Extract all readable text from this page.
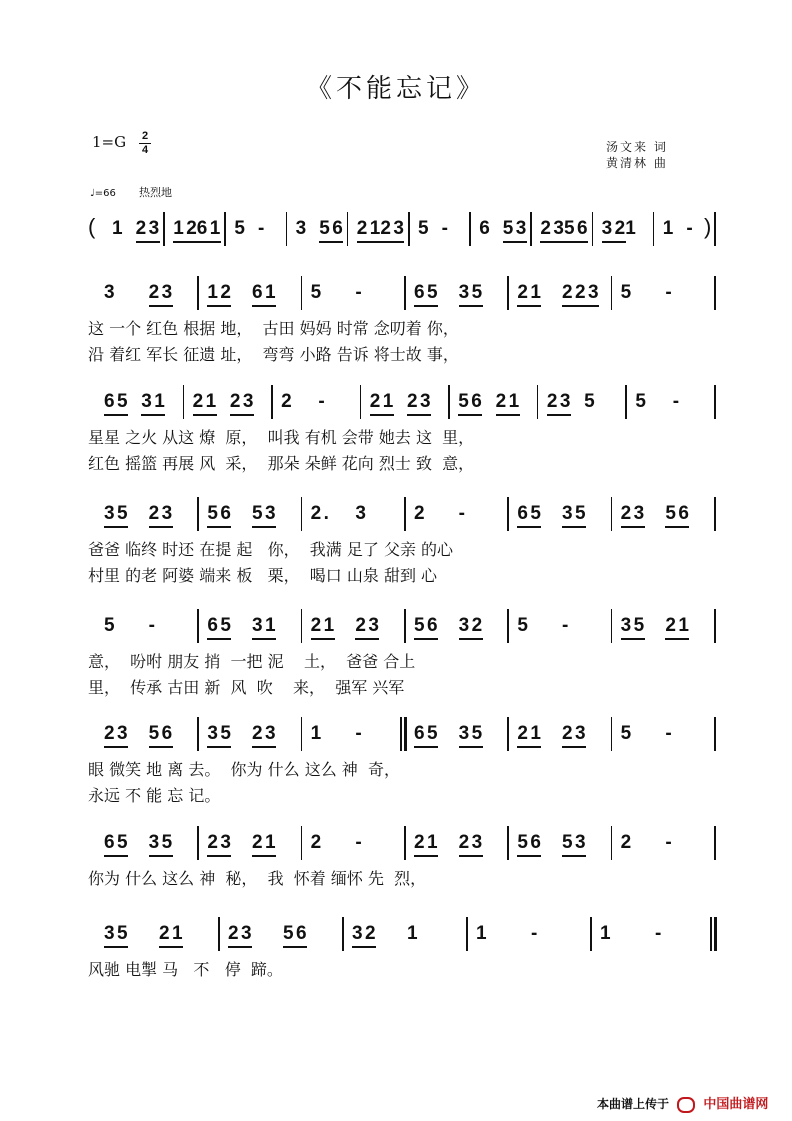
《不能忘记》
1=G 2
4	汤文来 词
黄清林 曲
♩=66 热烈地
( 1 2 3 1 2 6 1 5 - 3 5 6 2 1 2 3 5 - 6 5 3 2 3 5 6 3 2 1 1 - )
3 2 3 1 2 6 1 5 -	6 5 3 5 2 1 2 2 3 5 -
这 一个 红色 根据 地，  古田 妈妈 时常 念叨着 你，
沿 着红 军长 征遗 址，  弯弯 小路 告诉 将士故 事，
6 5 3 1 2 1 2 3 2 - 2 1 2 3 5 6 2 1 2 3 5 5 -
星星 之火 从这 燎  原，  叫我 有机 会带 她去 这  里，
红色 摇篮 再展 风  采，  那朵 朵鲜 花向 烈士 致  意，
3 5 2 3 5 6 5 3 2 . 3	2 -	6 5 3 5 2 3 5 6
爸爸 临终 时还 在提 起   你，  我满 足了 父亲 的心
村里 的老 阿婆 端来 板   栗，  喝口 山泉 甜到 心
5 -	6 5 3 1 2 1 2 3 5 6 3 2 5 -	3 5 2 1
意，  吩咐 朋友 捎  一把 泥    土，  爸爸 合上
里，  传承 古田 新  风  吹    来，  强军 兴军
2 3 5 6 3 5 2 3 1 -	6 5 3 5 2 1 2 3 5 -
眼 微笑 地 离 去。  你为 什么 这么 神  奇，
永远 不 能 忘 记。
6 5 3 5 2 3 2 1 2 -	2 1 2 3 5 6 5 3 2 -
你为 什么 这么 神  秘，  我  怀着 缅怀 先  烈，
3 5 2 1 2 3 5 6 3 2 1	1 -	1 -
风驰 电掣 马   不   停  蹄。
本曲谱上传于	中国曲谱网
